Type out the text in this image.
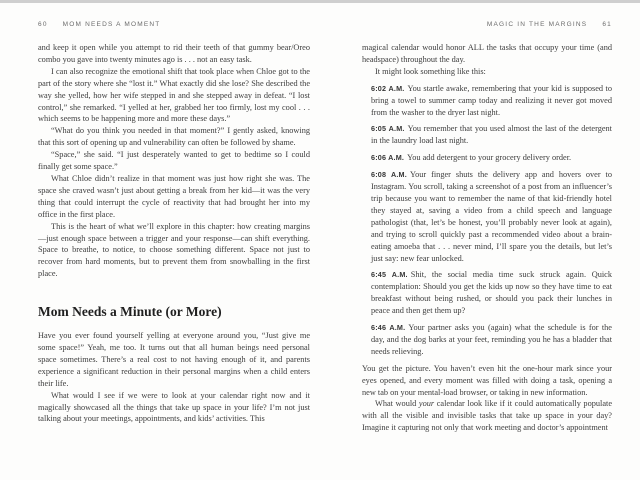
60 MOM NEEDS A MOMENT	MAGIC IN THE MARGINS 61

and keep it open while you attempt to rid their teeth of that gummy bear/Oreo combo you gave into twenty minutes ago is . . . not an easy task.

I can also recognize the emotional shift that took place when Chloe got to the part of the story where she “lost it.” What exactly did she lose? She described the way she yelled, how her wife stepped in and she stepped away in defeat. “I lost control,” she remarked. “I yelled at her, grabbed her too firmly, lost my cool . . . which seems to be happening more and more these days.”

“What do you think you needed in that moment?” I gently asked, knowing that this sort of opening up and vulnerability can often be followed by shame.

“Space,” she said. “I just desperately wanted to get to bedtime so I could finally get some space.”

What Chloe didn’t realize in that moment was just how right she was. The space she craved wasn’t just about getting a break from her kid—it was the very thing that could interrupt the cycle of reactivity that had brought her into my office in the first place.

This is the heart of what we’ll explore in this chapter: how creating margins—just enough space between a trigger and your response—can shift everything. Space to breathe, to notice, to choose something different. Space not just to recover from hard moments, but to prevent them from snowballing in the first place.

Mom Needs a Minute (or More)

Have you ever found yourself yelling at everyone around you, “Just give me some space!” Yeah, me too. It turns out that all human beings need personal space sometimes. There’s a real cost to not having enough of it, and parents experience a significant reduction in their personal margins when a child enters their life.

What would I see if we were to look at your calendar right now and it magically showcased all the things that take up space in your life? I’m not just talking about your meetings, appointments, and kids’ activities. This

magical calendar would honor ALL the tasks that occupy your time (and headspace) throughout the day.

It might look something like this:

6:02 A.M. You startle awake, remembering that your kid is supposed to bring a towel to summer camp today and realizing it never got moved from the washer to the dryer last night.

6:05 A.M. You remember that you used almost the last of the detergent in the laundry load last night.

6:06 A.M. You add detergent to your grocery delivery order.

6:08 A.M. Your finger shuts the delivery app and hovers over to Instagram. You scroll, taking a screenshot of a post from an influencer’s trip because you want to remember the name of that kid-friendly hotel they stayed at, saving a video from a child speech and language pathologist (that, let’s be honest, you’ll probably never look at again), and trying to scroll quickly past a recommended video about a brain-eating amoeba that . . . never mind, I’ll spare you the details, but let’s just say: new fear unlocked.

6:45 A.M. Shit, the social media time suck struck again. Quick contemplation: Should you get the kids up now so they have time to eat breakfast without being rushed, or should you pack their lunches in peace and then get them up?

6:46 A.M. Your partner asks you (again) what the schedule is for the day, and the dog barks at your feet, reminding you he has a bladder that needs relieving.

You get the picture. You haven’t even hit the one-hour mark since your eyes opened, and every moment was filled with doing a task, opening a new tab on your mental-load browser, or taking in new information.

What would your calendar look like if it could automatically populate with all the visible and invisible tasks that take up space in your day? Imagine it capturing not only that work meeting and doctor’s appointment
